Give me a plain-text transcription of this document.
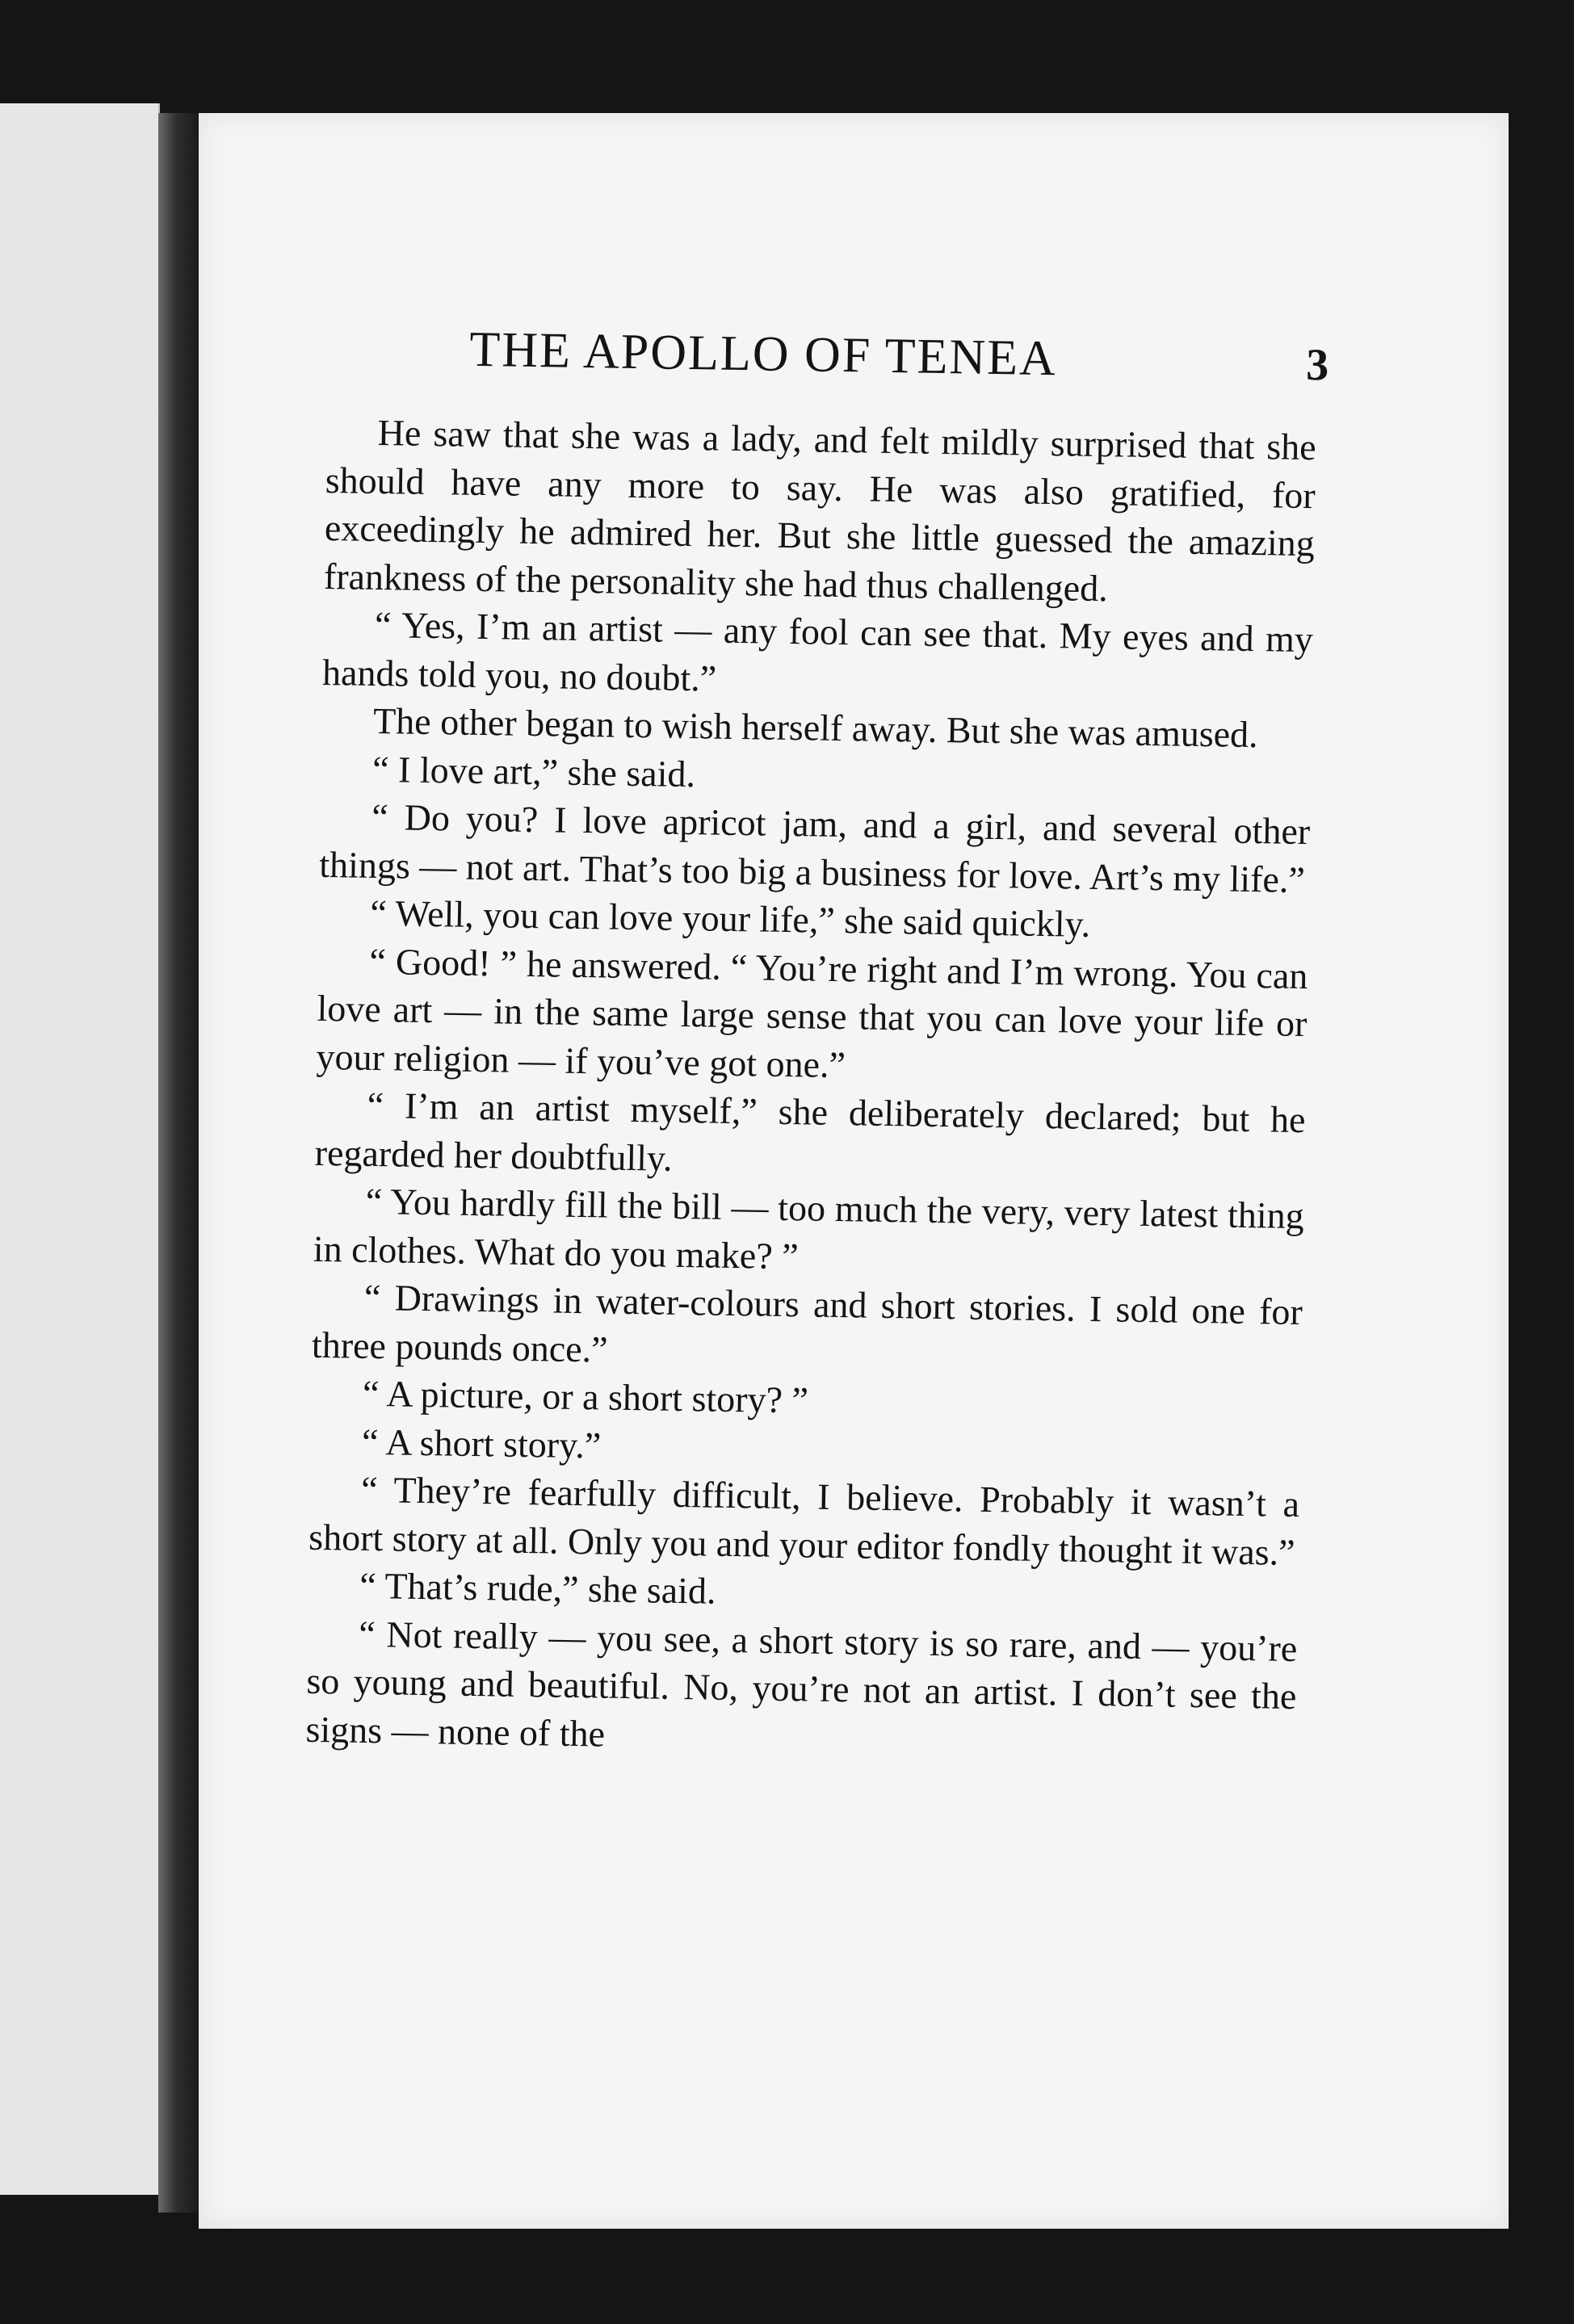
THE APOLLO OF TENEA	3

He saw that she was a lady, and felt mildly surprised that she should have any more to say. He was also gratified, for exceedingly he admired her. But she little guessed the amazing frankness of the personality she had thus challenged.

“ Yes, I’m an artist — any fool can see that. My eyes and my hands told you, no doubt.”

The other began to wish herself away. But she was amused.

“ I love art,” she said.

“ Do you? I love apricot jam, and a girl, and several other things — not art. That’s too big a business for love. Art’s my life.”

“ Well, you can love your life,” she said quickly.

“ Good! ” he answered. “ You’re right and I’m wrong. You can love art — in the same large sense that you can love your life or your religion — if you’ve got one.”

“ I’m an artist myself,” she deliberately declared; but he regarded her doubtfully.

“ You hardly fill the bill — too much the very, very latest thing in clothes. What do you make? ”

“ Drawings in water-colours and short stories. I sold one for three pounds once.”

“ A picture, or a short story? ”

“ A short story.”

“ They’re fearfully difficult, I believe. Probably it wasn’t a short story at all. Only you and your editor fondly thought it was.”

“ That’s rude,” she said.

“ Not really — you see, a short story is so rare, and — you’re so young and beautiful. No, you’re not an artist. I don’t see the signs — none of the
